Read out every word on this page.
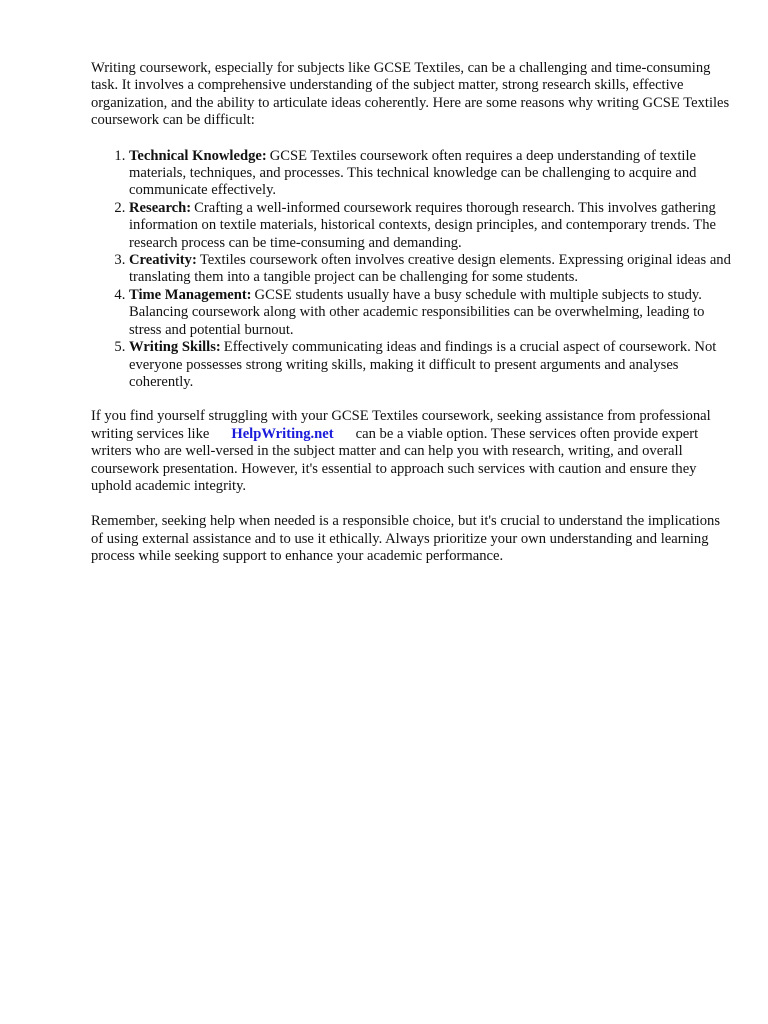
Writing coursework, especially for subjects like GCSE Textiles, can be a challenging and time-consuming task. It involves a comprehensive understanding of the subject matter, strong research skills, effective organization, and the ability to articulate ideas coherently. Here are some reasons why writing GCSE Textiles coursework can be difficult:

1. Technical Knowledge: GCSE Textiles coursework often requires a deep understanding of textile materials, techniques, and processes. This technical knowledge can be challenging to acquire and communicate effectively.
2. Research: Crafting a well-informed coursework requires thorough research. This involves gathering information on textile materials, historical contexts, design principles, and contemporary trends. The research process can be time-consuming and demanding.
3. Creativity: Textiles coursework often involves creative design elements. Expressing original ideas and translating them into a tangible project can be challenging for some students.
4. Time Management: GCSE students usually have a busy schedule with multiple subjects to study. Balancing coursework along with other academic responsibilities can be overwhelming, leading to stress and potential burnout.
5. Writing Skills: Effectively communicating ideas and findings is a crucial aspect of coursework. Not everyone possesses strong writing skills, making it difficult to present arguments and analyses coherently.

If you find yourself struggling with your GCSE Textiles coursework, seeking assistance from professional writing services like HelpWriting.net can be a viable option. These services often provide expert writers who are well-versed in the subject matter and can help you with research, writing, and overall coursework presentation. However, it's essential to approach such services with caution and ensure they uphold academic integrity.

Remember, seeking help when needed is a responsible choice, but it's crucial to understand the implications of using external assistance and to use it ethically. Always prioritize your own understanding and learning process while seeking support to enhance your academic performance.
